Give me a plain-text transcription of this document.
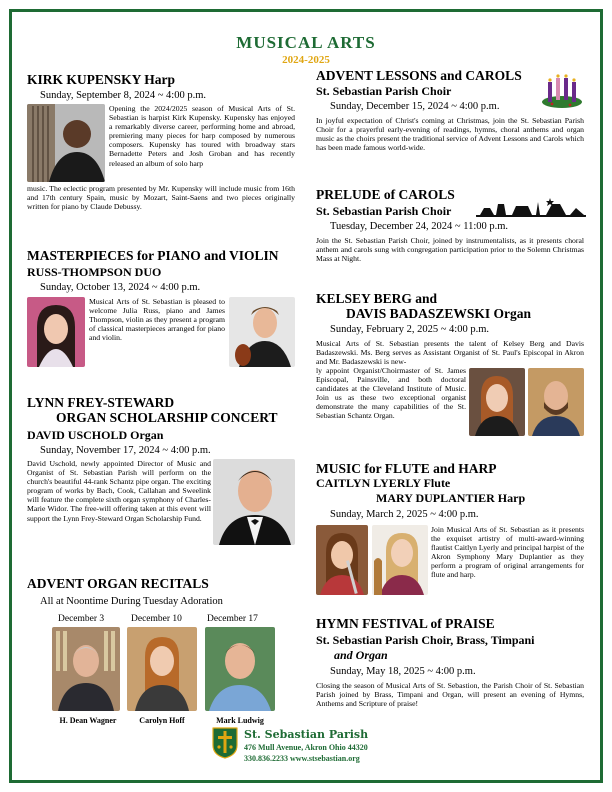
MUSICAL ARTS
2024-2025
KIRK KUPENSKY Harp
Sunday, September 8, 2024 ~ 4:00 p.m.
Opening the 2024/2025 season of Musical Arts of St. Sebastian is harpist Kirk Kupensky. Kupensky has enjoyed a remarkably diverse career, performing home and abroad, premiering many pieces for harp composed by numerous composers. Kupensky has toured with broadway stars Bernadette Peters and Josh Groban and has recently released an album of solo harp
music. The eclectic program presented by Mr. Kupensky will include music from 16th and 17th century Spain, music by Mozart, Saint-Saens and two pieces originally written for piano by Claude Debussy.
MASTERPIECES for PIANO and VIOLIN
RUSS-THOMPSON DUO
Sunday, October 13, 2024 ~ 4:00 p.m.
Musical Arts of St. Sebastian is pleased to welcome Julia Russ, piano and James Thompson, violin as they present a program of classical masterpieces arranged for piano and violin.
LYNN FREY-STEWARD
ORGAN SCHOLARSHIP CONCERT
DAVID USCHOLD Organ
Sunday, November 17, 2024 ~ 4:00 p.m.
David Uschold, newly appointed Director of Music and Organist of St. Sebastian Parish will perform on the church's beautiful 44-rank Schantz pipe organ. The exciting program of works by Bach, Cook, Callahan and Sweelink will feature the complete sixth organ symphony of Charles-Marie Widor. The free-will offering taken at this event will support the Lynn Frey-Steward Organ Scholarship Fund.
ADVENT ORGAN RECITALS
All at Noontime During Tuesday Adoration
December 3	December 10	December 17
H. Dean Wagner	Carolyn Hoff	Mark Ludwig
ADVENT LESSONS and CAROLS
St. Sebastian Parish Choir
Sunday, December 15, 2024 ~ 4:00 p.m.
In joyful expectation of Christ's coming at Christmas, join the St. Sebastian Parish Choir for a prayerful early-evening of readings, hymns, choral anthems and organ music as the choirs present the traditional service of Advent Lessons and Carols which has been made famous world-wide.
PRELUDE of CAROLS
St. Sebastian Parish Choir
Tuesday, December 24, 2024 ~ 11:00 p.m.
Join the St. Sebastian Parish Choir, joined by instrumentalists, as it presents choral anthem and carols sung with congregation participation prior to the Solemn Christmas Mass at Night.
KELSEY BERG and
DAVIS BADASZEWSKI Organ
Sunday, February 2, 2025 ~ 4:00 p.m.
Musical Arts of St. Sebastian presents the talent of Kelsey Berg and Davis Badaszewski. Ms. Berg serves as Assistant Organist of St. Paul's Episcopal in Akron and Mr. Badaszewski is new-
ly appoint Organist/Choirmaster of St. James Episcopal, Painsville, and both doctoral candidates at the Cleveland Institute of Music. Join us as these two exceptional organist demonstrate the many capabilities of the St. Sebastian Schantz Organ.
MUSIC for FLUTE and HARP
CAITLYN LYERLY Flute
MARY DUPLANTIER Harp
Sunday, March 2, 2025 ~ 4:00 p.m.
Join Musical Arts of St. Sebastian as it presents the exquiset artistry of multi-award-winning flautist Caitlyn Lyerly and principal harpist of the Akron Symphony Mary Duplantier as they perform a program of original arrangements for flute and harp.
HYMN FESTIVAL of PRAISE
St. Sebastian Parish Choir, Brass, Timpani
and Organ
Sunday, May 18, 2025 ~ 4:00 p.m.
Closing the season of Musical Arts of St. Sebastion, the Parish Choir of St. Sebastian Parish joined by Brass, Timpani and Organ, will present an evening of Hymns, Anthems and Scripture of praise!
St. Sebastian Parish
476 Mull Avenue, Akron Ohio 44320
330.836.2233 www.stsebastian.org
